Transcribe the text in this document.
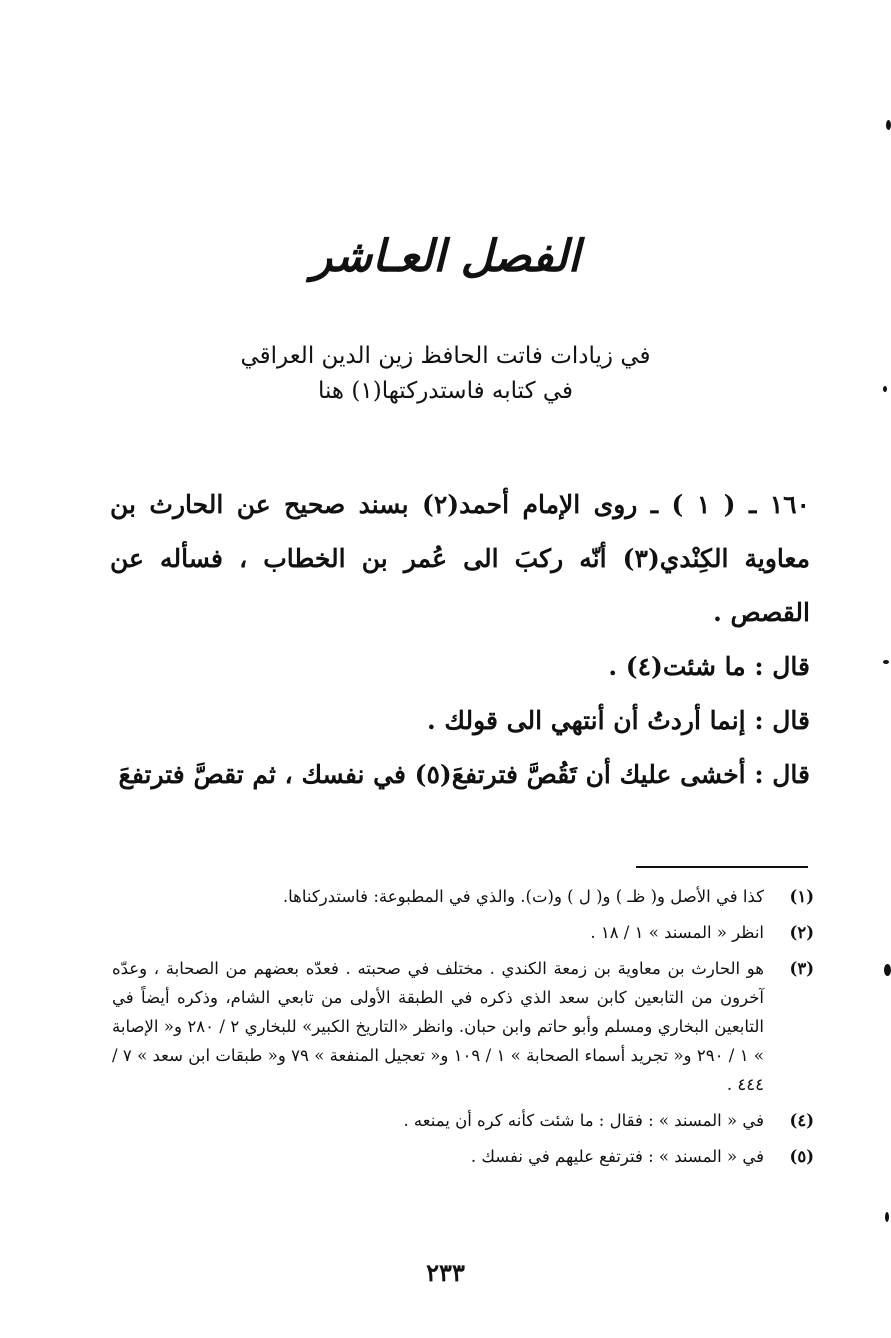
الفصل العـاشر
في زيادات فاتت الحافظ زين الدين العراقي
في كتابه فاستدركتها(١) هنا

١٦٠ ـ ( ١ ) ـ روى الإمام أحمد(٢) بسند صحيح عن الحارث بن معاوية الكِنْدي(٣) أنّه ركبَ الى عُمر بن الخطاب ، فسأله عن القصص .

قال : ما شئت(٤) .

قال : إنما أردتُ أن أنتهي الى قولك .

قال : أخشى عليك أن تَقُصَّ فترتفعَ(٥) في نفسك ، ثم تقصَّ فترتفعَ

(١)
كذا في الأصل و( ظـ ) و( ل ) و(ت). والذي في المطبوعة: فاستدركناها.
(٢)
انظر « المسند » ١ / ١٨ .
(٣)
هو الحارث بن معاوية بن زمعة الكندي . مختلف في صحبته . فعدّه بعضهم من الصحابة ، وعدّه آخرون من التابعين كابن سعد الذي ذكره في الطبقة الأولى من تابعي الشام، وذكره أيضاً في التابعين البخاري ومسلم وأبو حاتم وابن حبان. وانظر «التاريخ الكبير» للبخاري ٢ / ٢٨٠ و« الإصابة » ١ / ٢٩٠ و« تجريد أسماء الصحابة » ١ / ١٠٩ و« تعجيل المنفعة » ٧٩ و« طبقات ابن سعد » ٧ / ٤٤٤ .
(٤)
في « المسند » : فقال : ما شئت كأنه كره أن يمنعه .
(٥)
في « المسند » : فترتفع عليهم في نفسك .
٢٣٣
